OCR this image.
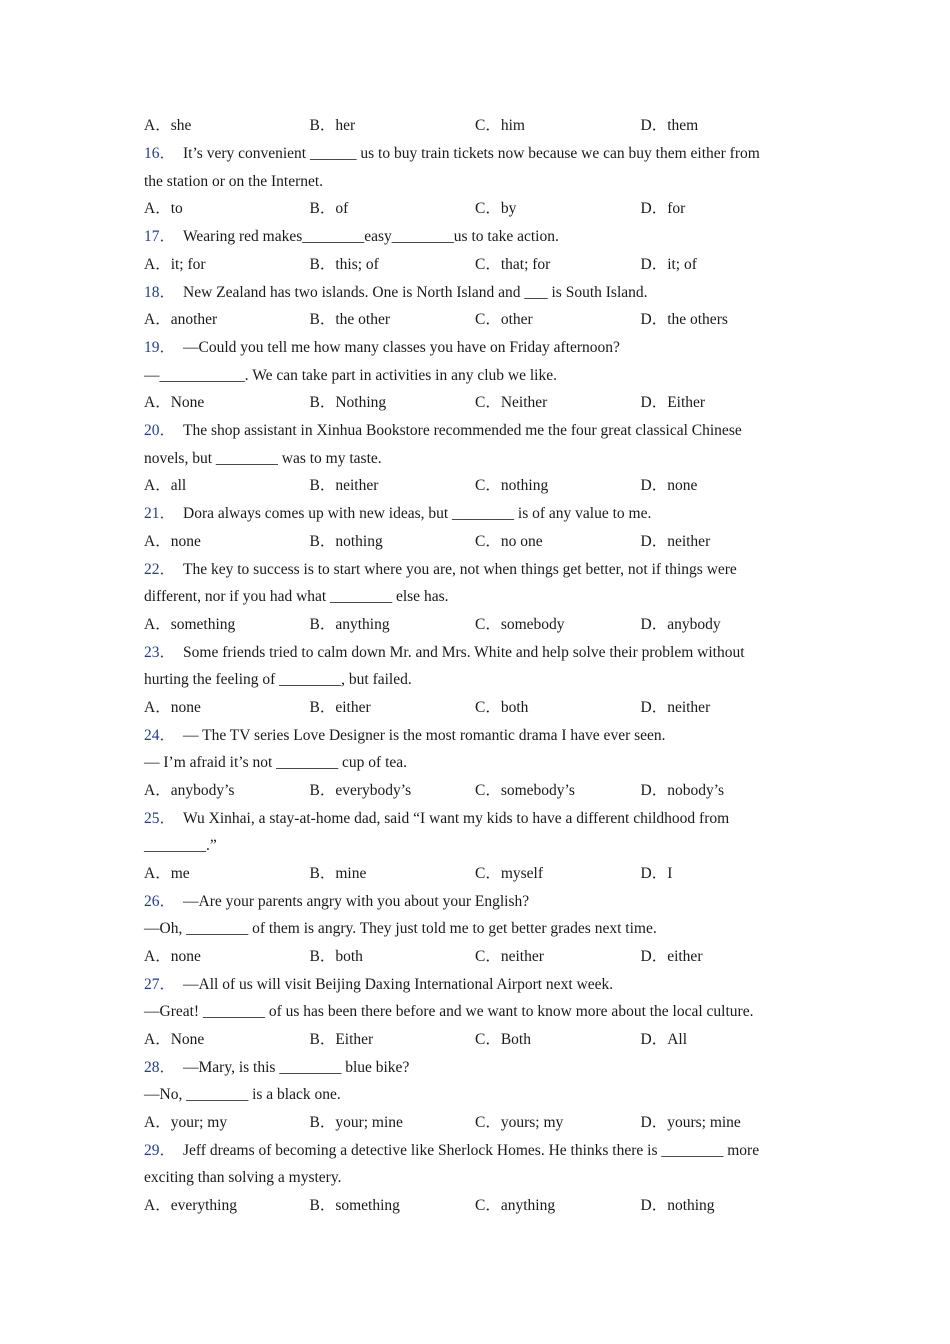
A．she	B．her	C．him	D．them
16． It’s very convenient ______ us to buy train tickets now because we can buy them either from
the station or on the Internet.
A．to	B．of	C．by	D．for
17． Wearing red makes________easy________us to take action.
A．it; for	B．this; of	C．that; for	D．it; of
18． New Zealand has two islands. One is North Island and ___ is South Island.
A．another	B．the other	C．other	D．the others
19． —Could you tell me how many classes you have on Friday afternoon?
—___________. We can take part in activities in any club we like.
A．None	B．Nothing	C．Neither	D．Either
20． The shop assistant in Xinhua Bookstore recommended me the four great classical Chinese
novels, but ________ was to my taste.
A．all	B．neither	C．nothing	D．none
21． Dora always comes up with new ideas, but ________ is of any value to me.
A．none	B．nothing	C．no one	D．neither
22． The key to success is to start where you are, not when things get better, not if things were
different, nor if you had what ________ else has.
A．something	B．anything	C．somebody	D．anybody
23． Some friends tried to calm down Mr. and Mrs. White and help solve their problem without
hurting the feeling of ________, but failed.
A．none	B．either	C．both	D．neither
24． — The TV series Love Designer is the most romantic drama I have ever seen.
— I’m afraid it’s not ________ cup of tea.
A．anybody’s	B．everybody’s	C．somebody’s	D．nobody’s
25． Wu Xinhai, a stay-at-home dad, said “I want my kids to have a different childhood from
________.”
A．me	B．mine	C．myself	D．I
26． —Are your parents angry with you about your English?
—Oh, ________ of them is angry. They just told me to get better grades next time.
A．none	B．both	C．neither	D．either
27． —All of us will visit Beijing Daxing International Airport next week.
—Great! ________ of us has been there before and we want to know more about the local culture.
A．None	B．Either	C．Both	D．All
28． —Mary, is this ________ blue bike?
—No, ________ is a black one.
A．your; my	B．your; mine	C．yours; my	D．yours; mine
29． Jeff dreams of becoming a detective like Sherlock Homes. He thinks there is ________ more
exciting than solving a mystery.
A．everything	B．something	C．anything	D．nothing
